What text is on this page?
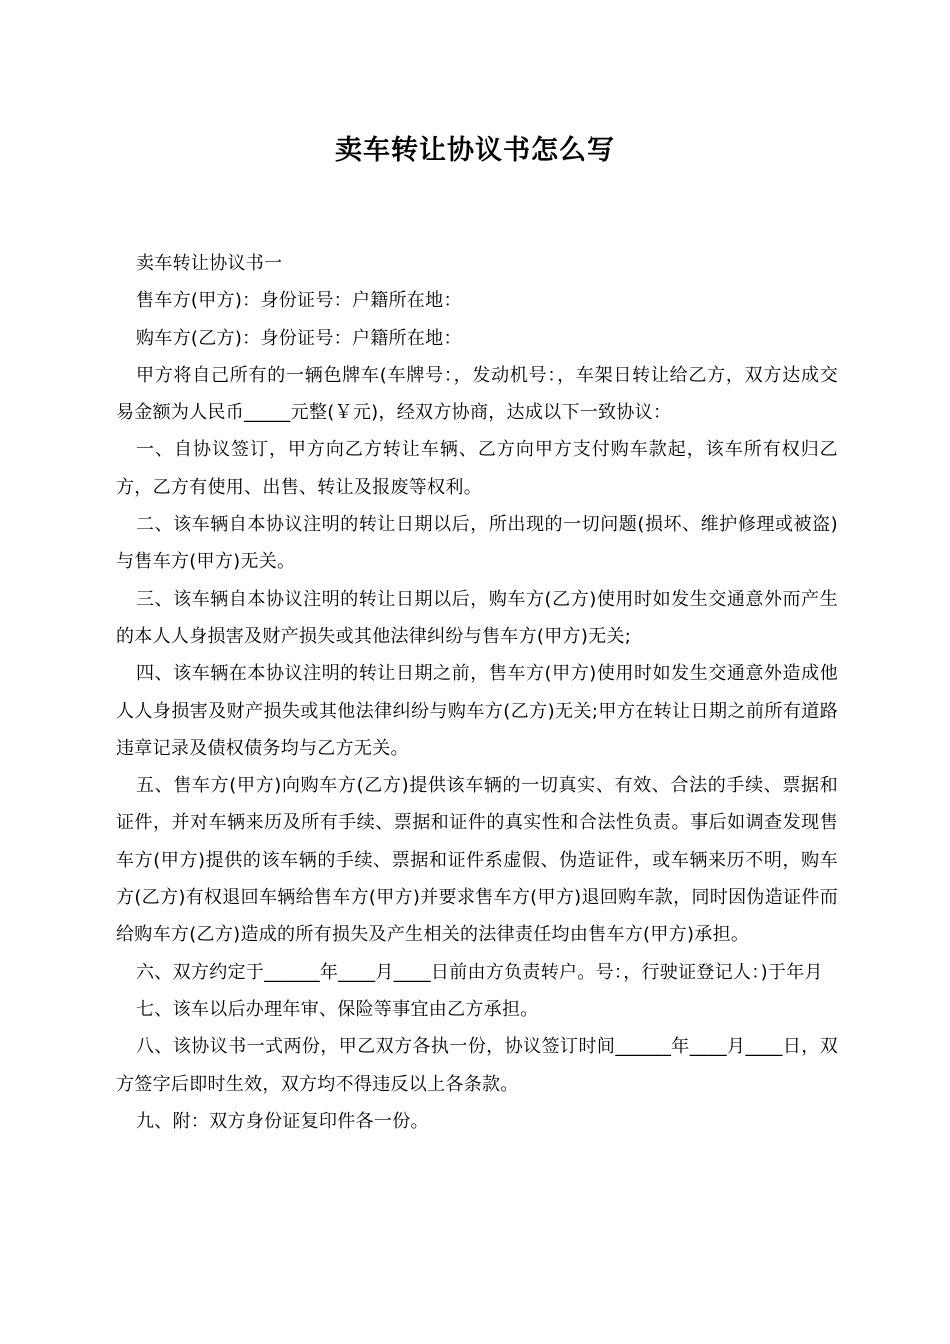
卖车转让协议书怎么写

卖车转让协议书一

售车方(甲方)：身份证号：户籍所在地：

购车方(乙方)：身份证号：户籍所在地：

甲方将自己所有的一辆色牌车(车牌号：，发动机号：，车架日转让给乙方，双方达成交易金额为人民币_____元整(￥元)，经双方协商，达成以下一致协议：

一、自协议签订，甲方向乙方转让车辆、乙方向甲方支付购车款起，该车所有权归乙方，乙方有使用、出售、转让及报废等权利。

二、该车辆自本协议注明的转让日期以后，所出现的一切问题(损坏、维护修理或被盗)与售车方(甲方)无关。

三、该车辆自本协议注明的转让日期以后，购车方(乙方)使用时如发生交通意外而产生的本人人身损害及财产损失或其他法律纠纷与售车方(甲方)无关;

四、该车辆在本协议注明的转让日期之前，售车方(甲方)使用时如发生交通意外造成他人人身损害及财产损失或其他法律纠纷与购车方(乙方)无关;甲方在转让日期之前所有道路违章记录及债权债务均与乙方无关。

五、售车方(甲方)向购车方(乙方)提供该车辆的一切真实、有效、合法的手续、票据和证件，并对车辆来历及所有手续、票据和证件的真实性和合法性负责。事后如调查发现售车方(甲方)提供的该车辆的手续、票据和证件系虚假、伪造证件，或车辆来历不明，购车方(乙方)有权退回车辆给售车方(甲方)并要求售车方(甲方)退回购车款，同时因伪造证件而给购车方(乙方)造成的所有损失及产生相关的法律责任均由售车方(甲方)承担。

六、双方约定于______年____月____日前由方负责转户。号：，行驶证登记人：)于年月

七、该车以后办理年审、保险等事宜由乙方承担。

八、该协议书一式两份，甲乙双方各执一份，协议签订时间______年____月____日，双方签字后即时生效，双方均不得违反以上各条款。

九、附：双方身份证复印件各一份。
